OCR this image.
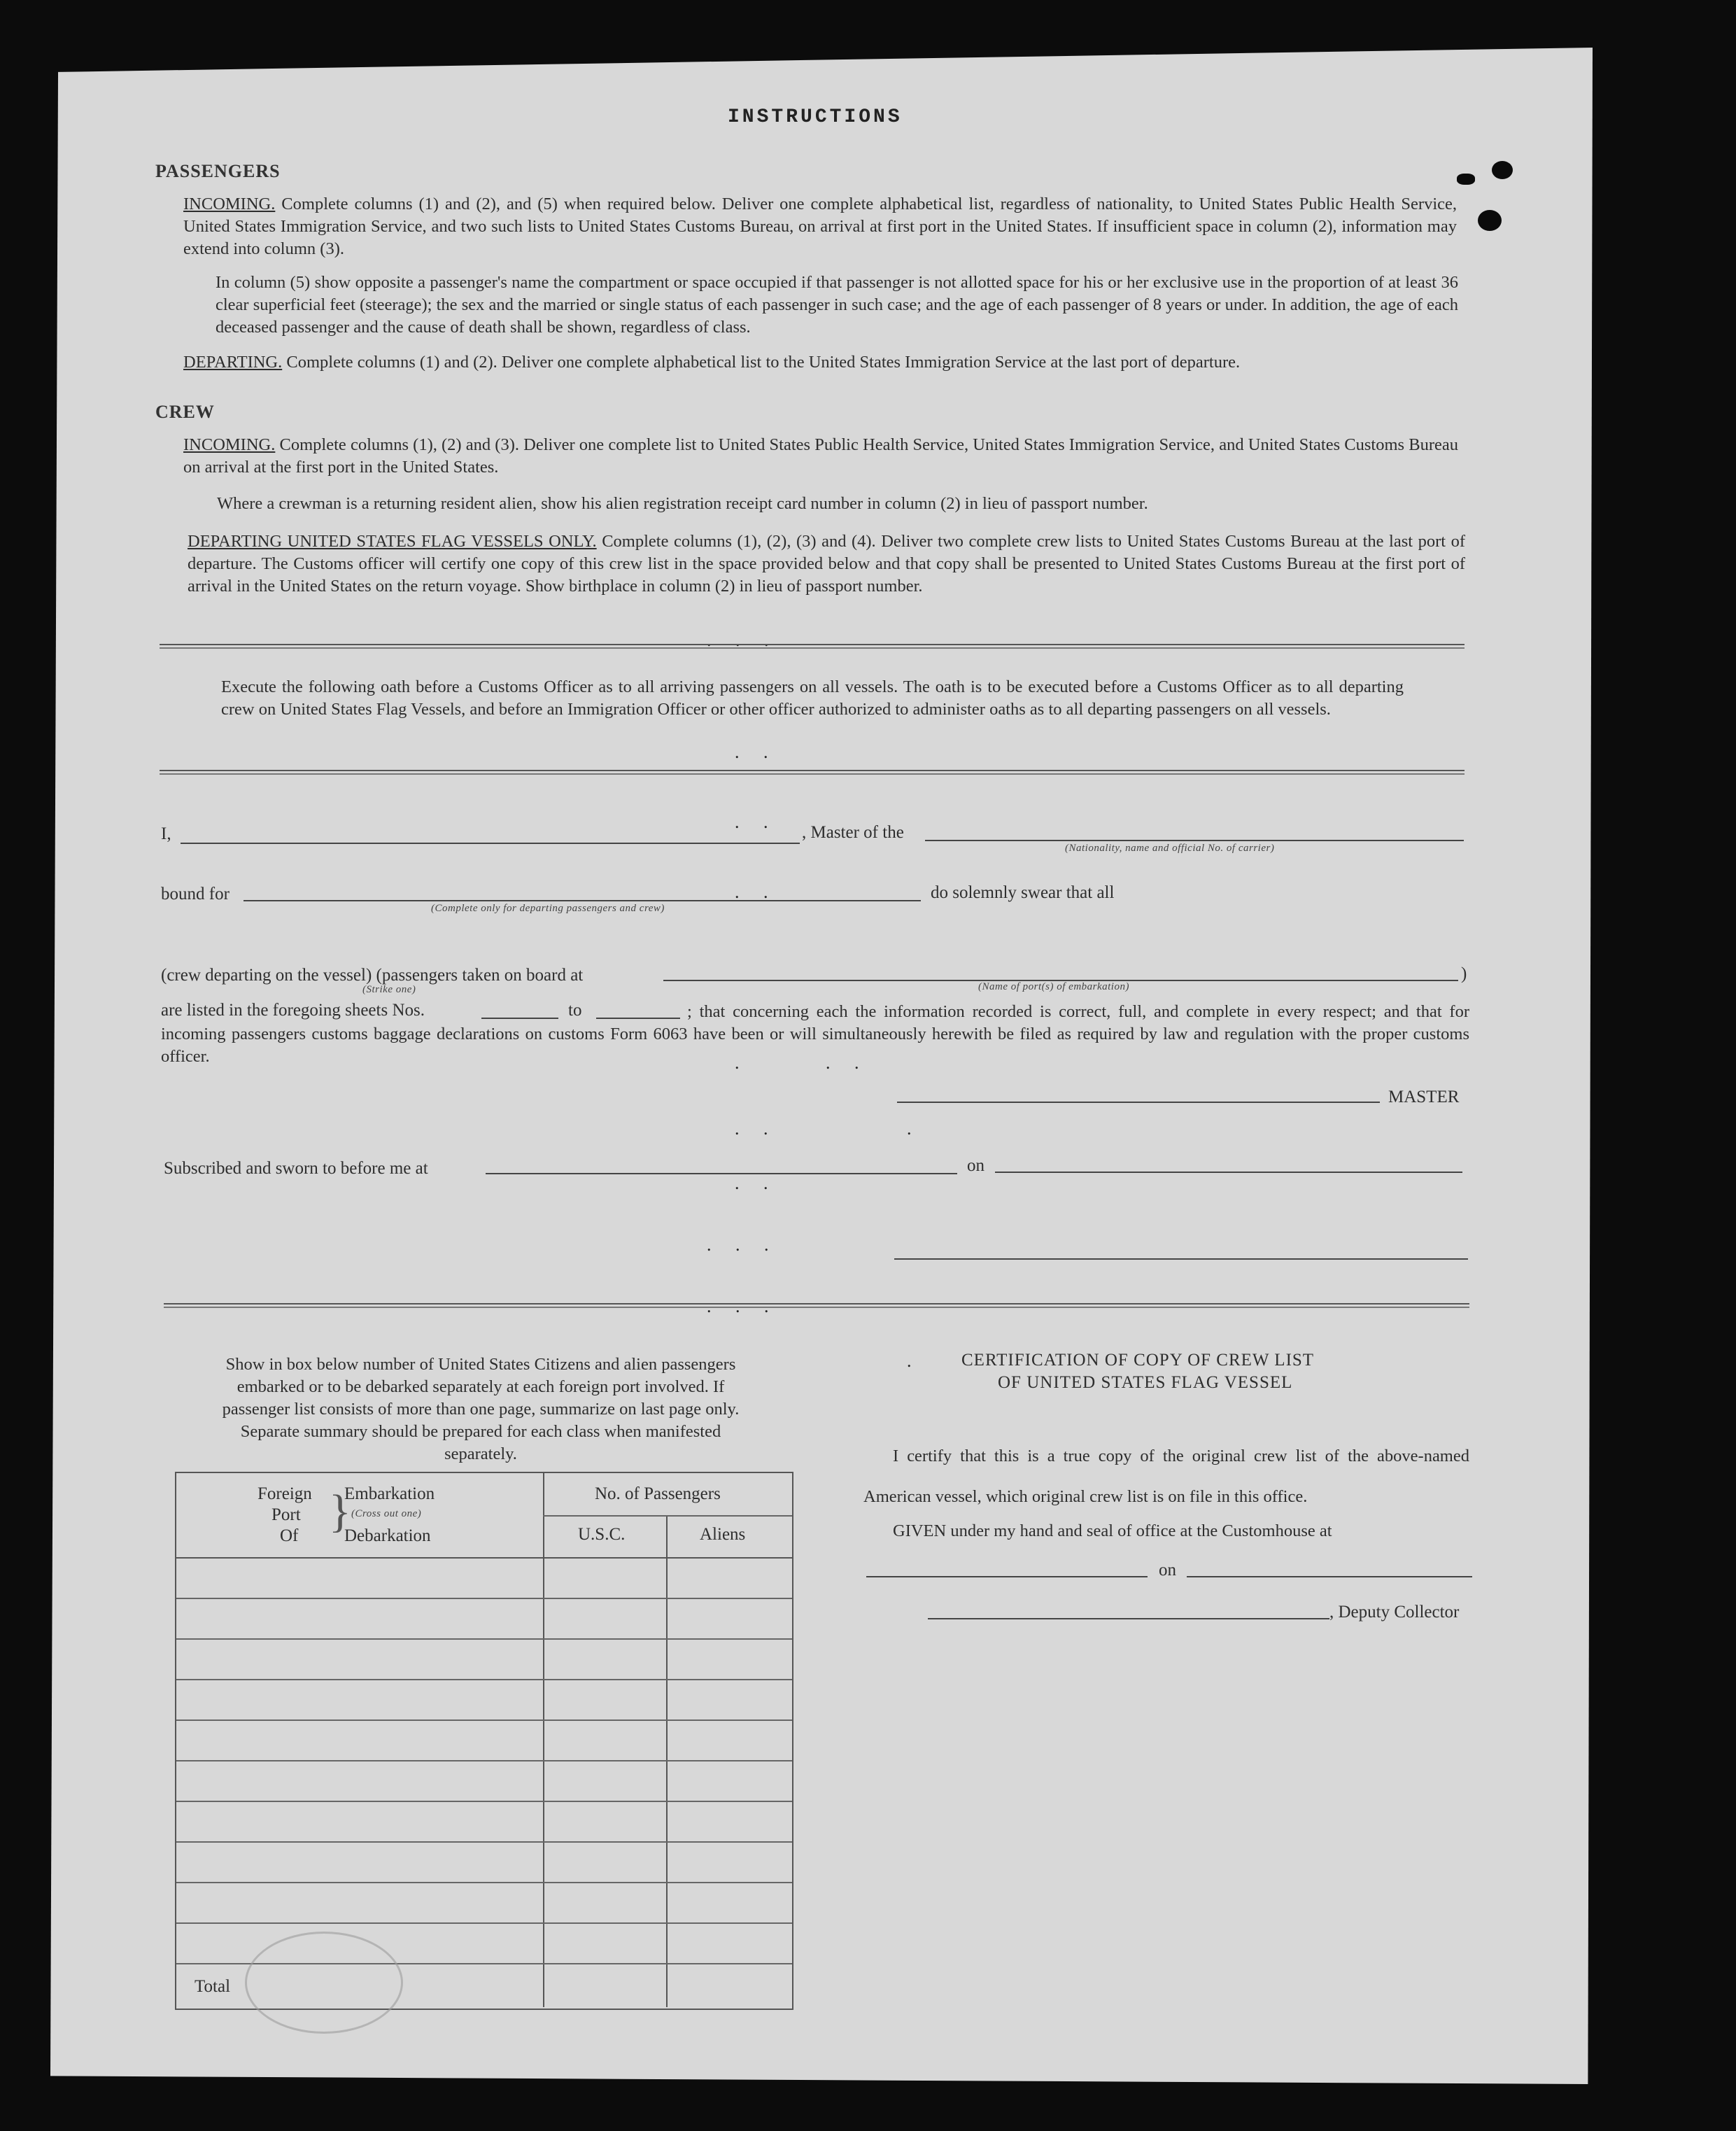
INSTRUCTIONS
PASSENGERS
INCOMING. Complete columns (1) and (2), and (5) when required below. Deliver one complete alphabetical list, regardless of nationality, to United States Public Health Service, United States Immigration Service, and two such lists to United States Customs Bureau, on arrival at first port in the United States. If insufficient space in column (2), information may extend into column (3).
In column (5) show opposite a passenger's name the compartment or space occupied if that passenger is not allotted space for his or her exclusive use in the proportion of at least 36 clear superficial feet (steerage); the sex and the married or single status of each passenger in such case; and the age of each passenger of 8 years or under. In addition, the age of each deceased passenger and the cause of death shall be shown, regardless of class.
DEPARTING. Complete columns (1) and (2). Deliver one complete alphabetical list to the United States Immigration Service at the last port of departure.
CREW
INCOMING. Complete columns (1), (2) and (3). Deliver one complete list to United States Public Health Service, United States Immigration Service, and United States Customs Bureau on arrival at the first port in the United States.
Where a crewman is a returning resident alien, show his alien registration receipt card number in column (2) in lieu of passport number.
DEPARTING UNITED STATES FLAG VESSELS ONLY. Complete columns (1), (2), (3) and (4). Deliver two complete crew lists to United States Customs Bureau at the last port of departure. The Customs officer will certify one copy of this crew list in the space provided below and that copy shall be presented to United States Customs Bureau at the first port of arrival in the United States on the return voyage. Show birthplace in column (2) in lieu of passport number.
. . .
Execute the following oath before a Customs Officer as to all arriving passengers on all vessels. The oath is to be executed before a Customs Officer as to all departing crew on United States Flag Vessels, and before an Immigration Officer or other officer authorized to administer oaths as to all departing passengers on all vessels.
. .
. .
I,	, Master of the
(Nationality, name and official No. of carrier)
bound for
(Complete only for departing passengers and crew)
do solemnly swear that all
. .
(crew departing on the vessel) (passengers taken on board at	)
(Strike one)	(Name of port(s) of embarkation)
are listed in the foregoing sheets Nos.	to	; that concerning each the information recorded is correct, full, and complete in every respect; and that for incoming passengers customs baggage declarations on customs Form 6063 have been or will simultaneously herewith be filed as required by law and regulation with the proper customs officer.	.	. .
MASTER
. .	.
Subscribed and sworn to before me at	on
. .
. . .
. . .
Show in box below number of United States Citizens and alien passengers embarked or to be debarked separately at each foreign port involved. If passenger list consists of more than one page, summarize on last page only. Separate summary should be prepared for each class when manifested separately.
Foreign
Port
Of }
Embarkation
(Cross out one)
Debarkation
No. of Passengers
U.S.C.	Aliens
Total
. CERTIFICATION OF COPY OF CREW LIST
OF UNITED STATES FLAG VESSEL
I certify that this is a true copy of the original crew list of the above-named American vessel, which original crew list is on file in this office.
GIVEN under my hand and seal of office at the Customhouse at
on
, Deputy Collector
